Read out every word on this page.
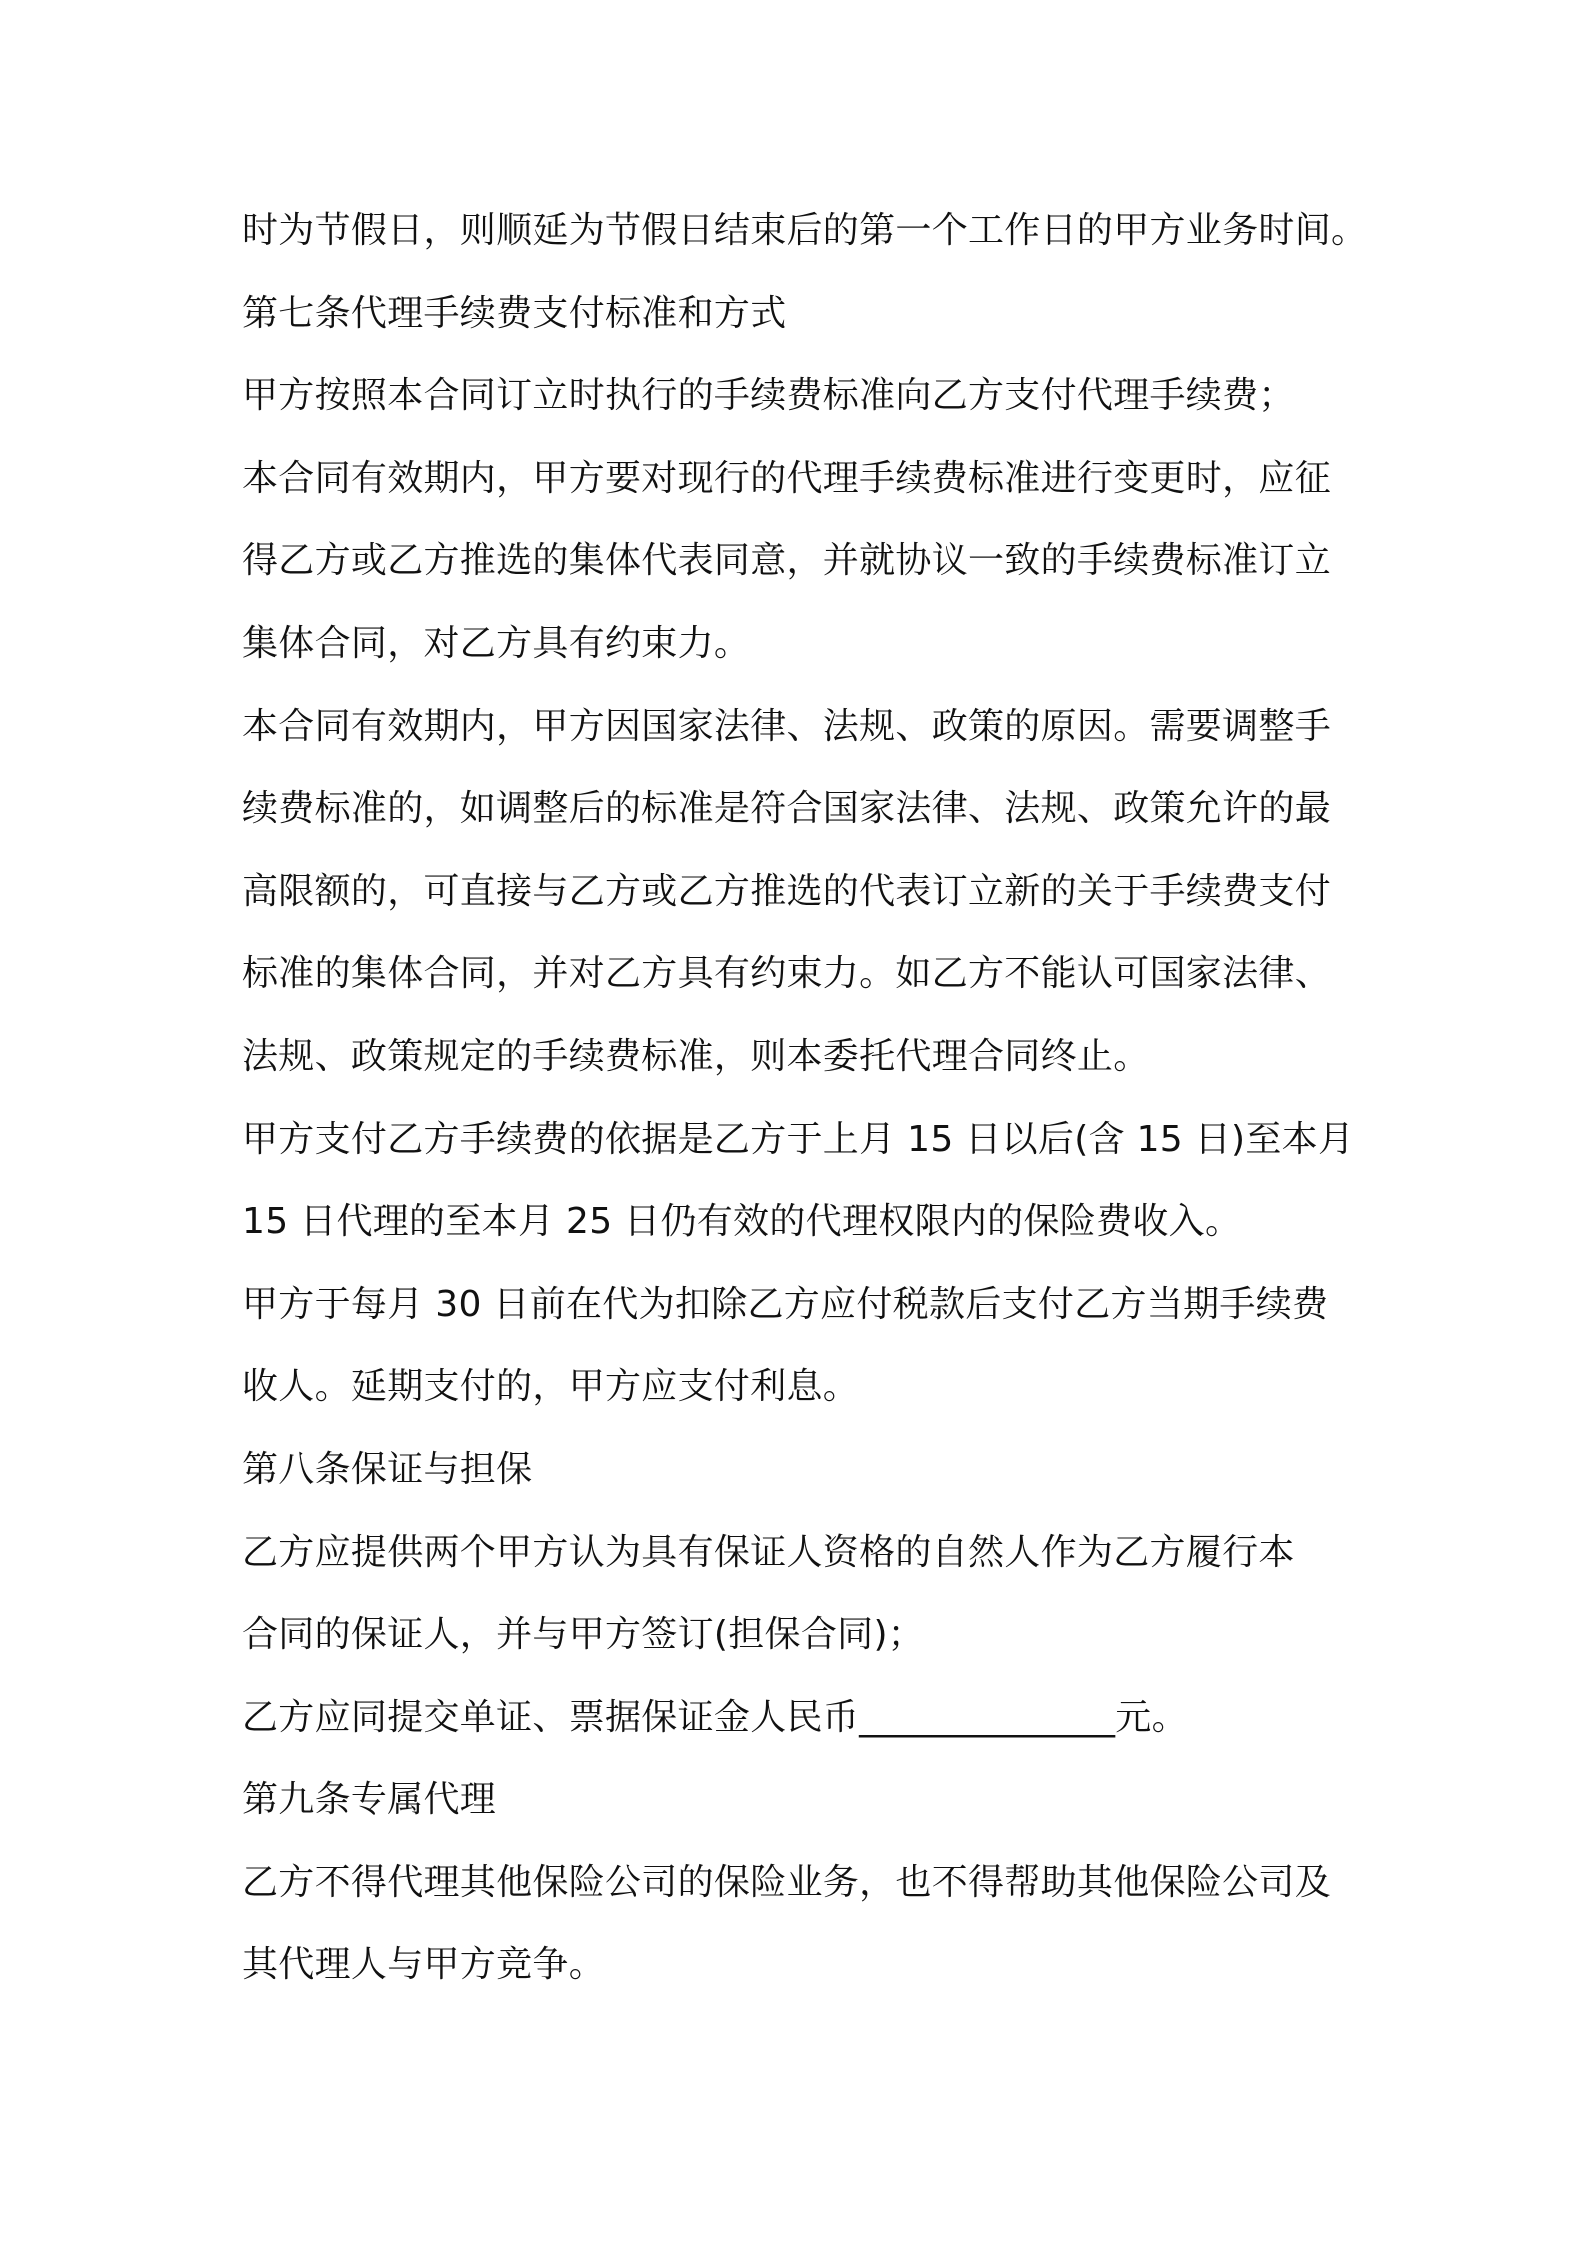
时为节假日，则顺延为节假日结束后的第一个工作日的甲方业务时间。
第七条代理手续费支付标准和方式
甲方按照本合同订立时执行的手续费标准向乙方支付代理手续费；
本合同有效期内，甲方要对现行的代理手续费标准进行变更时，应征
得乙方或乙方推选的集体代表同意，并就协议一致的手续费标准订立
集体合同，对乙方具有约束力。
本合同有效期内，甲方因国家法律、法规、政策的原因。需要调整手
续费标准的，如调整后的标准是符合国家法律、法规、政策允许的最
高限额的，可直接与乙方或乙方推选的代表订立新的关于手续费支付
标准的集体合同，并对乙方具有约束力。如乙方不能认可国家法律、
法规、政策规定的手续费标准，则本委托代理合同终止。
甲方支付乙方手续费的依据是乙方于上月 15 日以后(含 15 日)至本月
15 日代理的至本月 25 日仍有效的代理权限内的保险费收入。
甲方于每月 30 日前在代为扣除乙方应付税款后支付乙方当期手续费
收人。延期支付的，甲方应支付利息。
第八条保证与担保
乙方应提供两个甲方认为具有保证人资格的自然人作为乙方履行本
合同的保证人，并与甲方签订(担保合同)；
乙方应同提交单证、票据保证金人民币______________元。
第九条专属代理
乙方不得代理其他保险公司的保险业务，也不得帮助其他保险公司及
其代理人与甲方竞争。
